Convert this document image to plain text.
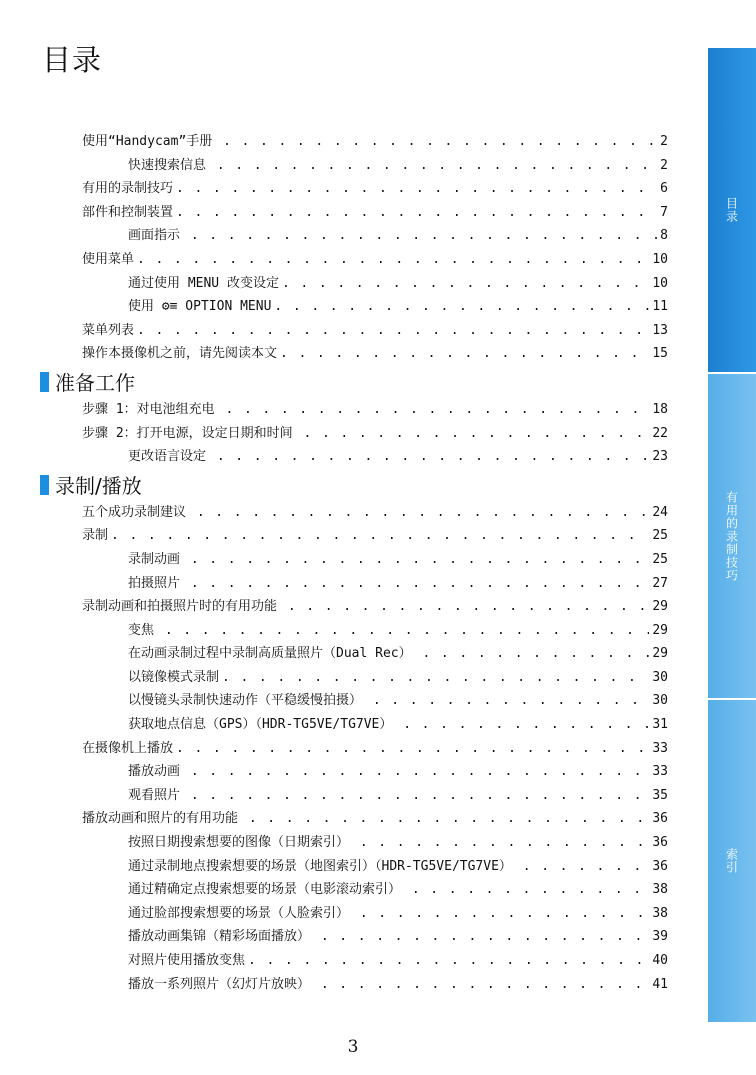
目录
使用“Handycam”手册 . . .	2
快速搜索信息 . . .	2
有用的录制技巧 . . .	6
部件和控制装置 . . .	7
画面指示 . . .	8
使用菜单 . . .	10
通过使用 MENU 改变设定 . . .	10
使用 ⚙≡ OPTION MENU . . .	11
菜单列表 . . .	13
操作本摄像机之前，请先阅读本文 . . .	15
准备工作
步骤 1：对电池组充电 . . .	18
步骤 2：打开电源，设定日期和时间 . . .	22
更改语言设定 . . .	23
录制/播放
五个成功录制建议 . . .	24
录制 . . .	25
录制动画 . . .	25
拍摄照片 . . .	27
录制动画和拍摄照片时的有用功能 . . .	29
变焦 . . .	29
在动画录制过程中录制高质量照片（Dual Rec） . . .	29
以镜像模式录制 . . .	30
以慢镜头录制快速动作（平稳缓慢拍摄） . . .	30
获取地点信息（GPS）（HDR-TG5VE/TG7VE） . . .	31
在摄像机上播放 . . .	33
播放动画 . . .	33
观看照片 . . .	35
播放动画和照片的有用功能 . . .	36
按照日期搜索想要的图像（日期索引） . . .	36
通过录制地点搜索想要的场景（地图索引）（HDR-TG5VE/TG7VE） . . .	36
通过精确定点搜索想要的场景（电影滚动索引） . . .	38
通过脸部搜索想要的场景（人脸索引） . . .	38
播放动画集锦（精彩场面播放） . . .	39
对照片使用播放变焦 . . .	40
播放一系列照片（幻灯片放映） . . .	41
目录
有用的录制技巧
索引
3
